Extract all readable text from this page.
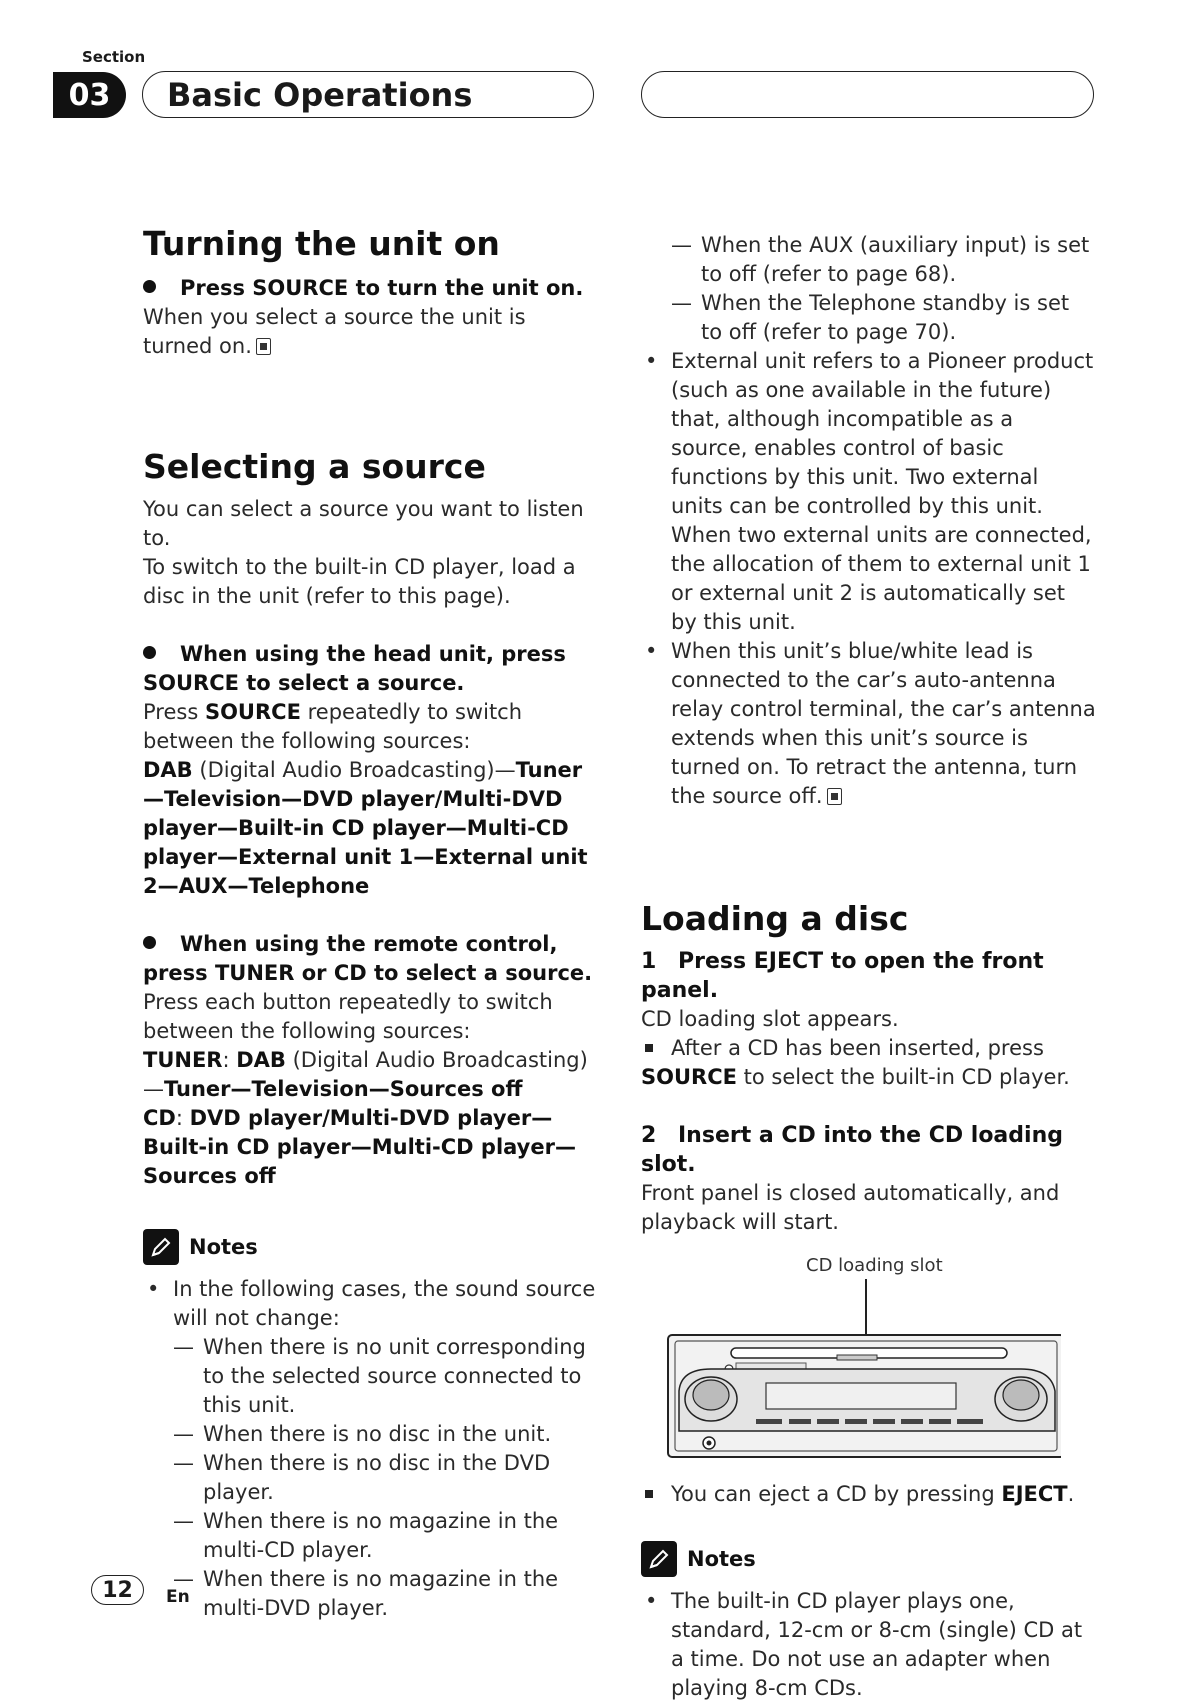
Section
03	Basic Operations
Turning the unit on

Press SOURCE to turn the unit on.

When you select a source the unit is turned on.

Selecting a source

You can select a source you want to listen to.

To switch to the built-in CD player, load a disc in the unit (refer to this page).

When using the head unit, press SOURCE to select a source.

Press SOURCE repeatedly to switch between the following sources:

DAB (Digital Audio Broadcasting)—Tuner—Television—DVD player/Multi-DVD player—Built-in CD player—Multi-CD player—External unit 1—External unit 2—AUX—Telephone

When using the remote control, press TUNER or CD to select a source.

Press each button repeatedly to switch between the following sources:

TUNER: DAB (Digital Audio Broadcasting)—Tuner—Television—Sources off

CD: DVD player/Multi-DVD player—Built-in CD player—Multi-CD player—Sources off

Notes

• In the following cases, the sound source will not change:

— When there is no unit corresponding to the selected source connected to this unit.

— When there is no disc in the unit.

— When there is no disc in the DVD player.

— When there is no magazine in the multi-CD player.

— When there is no magazine in the multi-DVD player.

— When the AUX (auxiliary input) is set to off (refer to page 68).

— When the Telephone standby is set to off (refer to page 70).

• External unit refers to a Pioneer product (such as one available in the future) that, although incompatible as a source, enables control of basic functions by this unit. Two external units can be controlled by this unit. When two external units are connected, the allocation of them to external unit 1 or external unit 2 is automatically set by this unit.

• When this unit’s blue/white lead is connected to the car’s auto-antenna relay control terminal, the car’s antenna extends when this unit’s source is turned on. To retract the antenna, turn the source off.

Loading a disc

1 Press EJECT to open the front panel.

CD loading slot appears.

After a CD has been inserted, press SOURCE to select the built-in CD player.

2 Insert a CD into the CD loading slot.

Front panel is closed automatically, and playback will start.

CD loading slot

You can eject a CD by pressing EJECT.

Notes

• The built-in CD player plays one, standard, 12-cm or 8-cm (single) CD at a time. Do not use an adapter when playing 8-cm CDs.

12	En
